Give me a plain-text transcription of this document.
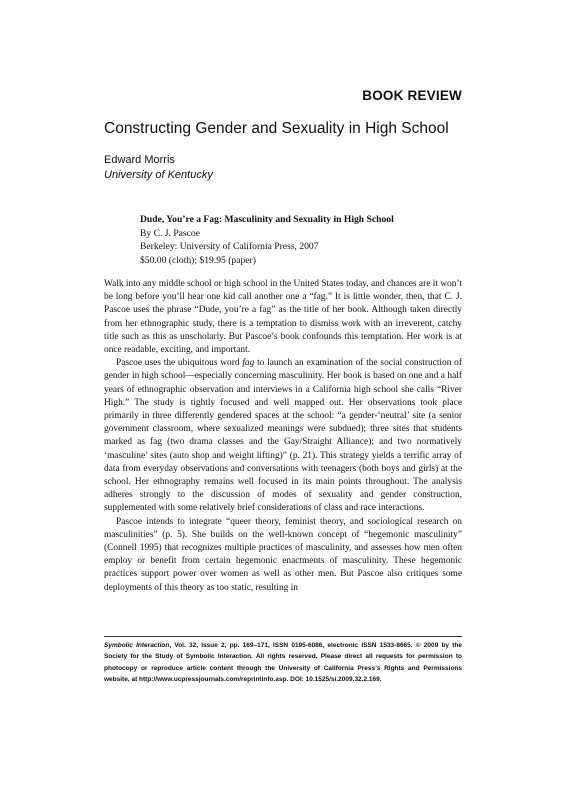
BOOK REVIEW
Constructing Gender and Sexuality in High School
Edward Morris
University of Kentucky
Dude, You’re a Fag: Masculinity and Sexuality in High School
By C. J. Pascoe
Berkeley: University of California Press, 2007
$50.00 (cloth); $19.95 (paper)

Walk into any middle school or high school in the United States today, and chances are it won’t be long before you’ll hear one kid call another one a “fag.” It is little wonder, then, that C. J. Pascoe uses the phrase “Dude, you’re a fag” as the title of her book. Although taken directly from her ethnographic study, there is a temptation to dismiss work with an irreverent, catchy title such as this as unscholarly. But Pascoe’s book confounds this temptation. Her work is at once readable, exciting, and important.

Pascoe uses the ubiquitous word fag to launch an examination of the social construction of gender in high school—especially concerning masculinity. Her book is based on one and a half years of ethnographic observation and interviews in a California high school she calls “River High.” The study is tightly focused and well mapped out. Her observations took place primarily in three differently gendered spaces at the school: “a gender-‘neutral’ site (a senior government classroom, where sexualized meanings were subdued); three sites that students marked as fag (two drama classes and the Gay/Straight Alliance); and two normatively ‘masculine’ sites (auto shop and weight lifting)” (p. 21). This strategy yields a terrific array of data from everyday observations and conversations with teenagers (both boys and girls) at the school. Her ethnography remains well focused in its main points throughout. The analysis adheres strongly to the discussion of modes of sexuality and gender construction, supplemented with some relatively brief considerations of class and race interactions.

Pascoe intends to integrate “queer theory, feminist theory, and sociological research on masculinities” (p. 5). She builds on the well-known concept of “hegemonic masculinity” (Connell 1995) that recognizes multiple practices of masculinity, and assesses how men often employ or benefit from certain hegemonic enactments of masculinity. These hegemonic practices support power over women as well as other men. But Pascoe also critiques some deployments of this theory as too static, resulting in

Symbolic Interaction, Vol. 32, Issue 2, pp. 169–171, ISSN 0195-6086, electronic ISSN 1533-8665. © 2009 by the Society for the Study of Symbolic Interaction. All rights reserved. Please direct all requests for permission to photocopy or reproduce article content through the University of California Press’s Rights and Permissions website, at http://www.ucpressjournals.com/reprintinfo.asp. DOI: 10.1525/si.2009.32.2.169.
